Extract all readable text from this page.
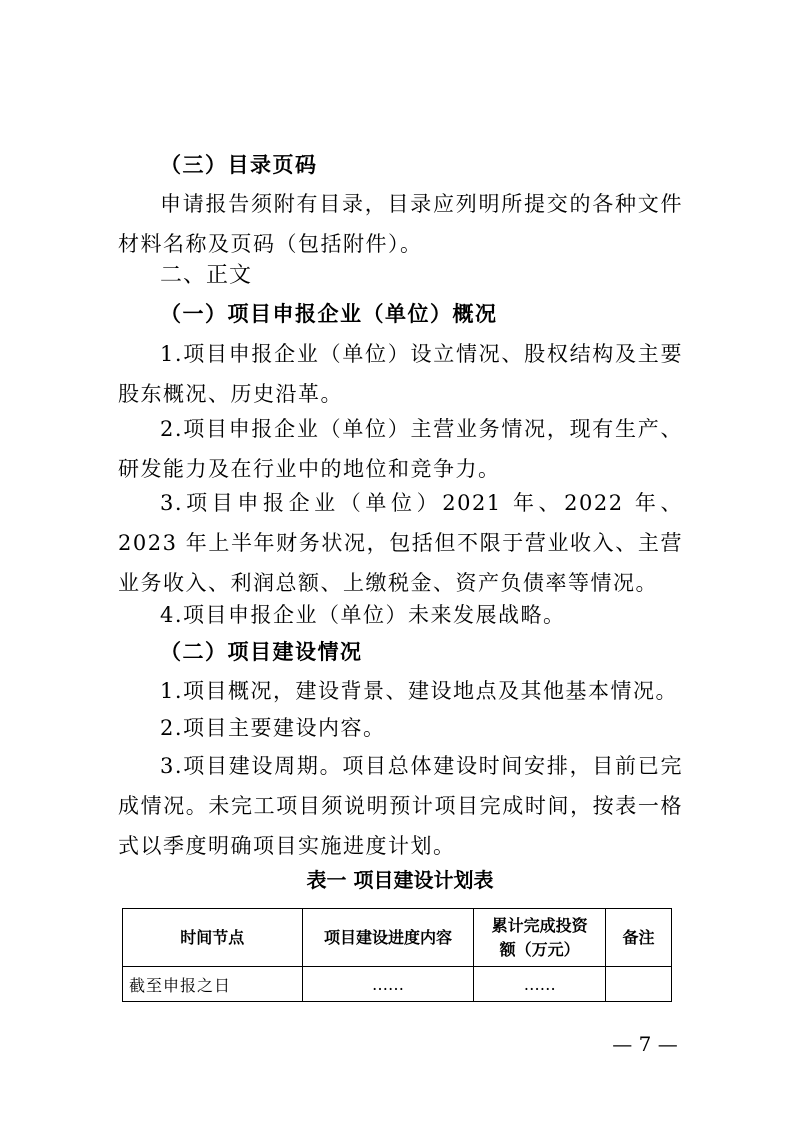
（三）目录页码
申请报告须附有目录，目录应列明所提交的各种文件材料名称及页码（包括附件）。
二、正文
（一）项目申报企业（单位）概况
1.项目申报企业（单位）设立情况、股权结构及主要股东概况、历史沿革。
2.项目申报企业（单位）主营业务情况，现有生产、研发能力及在行业中的地位和竞争力。
3.项目申报企业（单位）2021 年、2022 年、2023 年上半年财务状况，包括但不限于营业收入、主营业务收入、利润总额、上缴税金、资产负债率等情况。
4.项目申报企业（单位）未来发展战略。
（二）项目建设情况
1.项目概况，建设背景、建设地点及其他基本情况。
2.项目主要建设内容。
3.项目建设周期。项目总体建设时间安排，目前已完成情况。未完工项目须说明预计项目完成时间，按表一格式以季度明确项目实施进度计划。
表一 项目建设计划表
时间节点	项目建设进度内容	累计完成投资额（万元）	备注
截至申报之日	……	……	
— 7 —
